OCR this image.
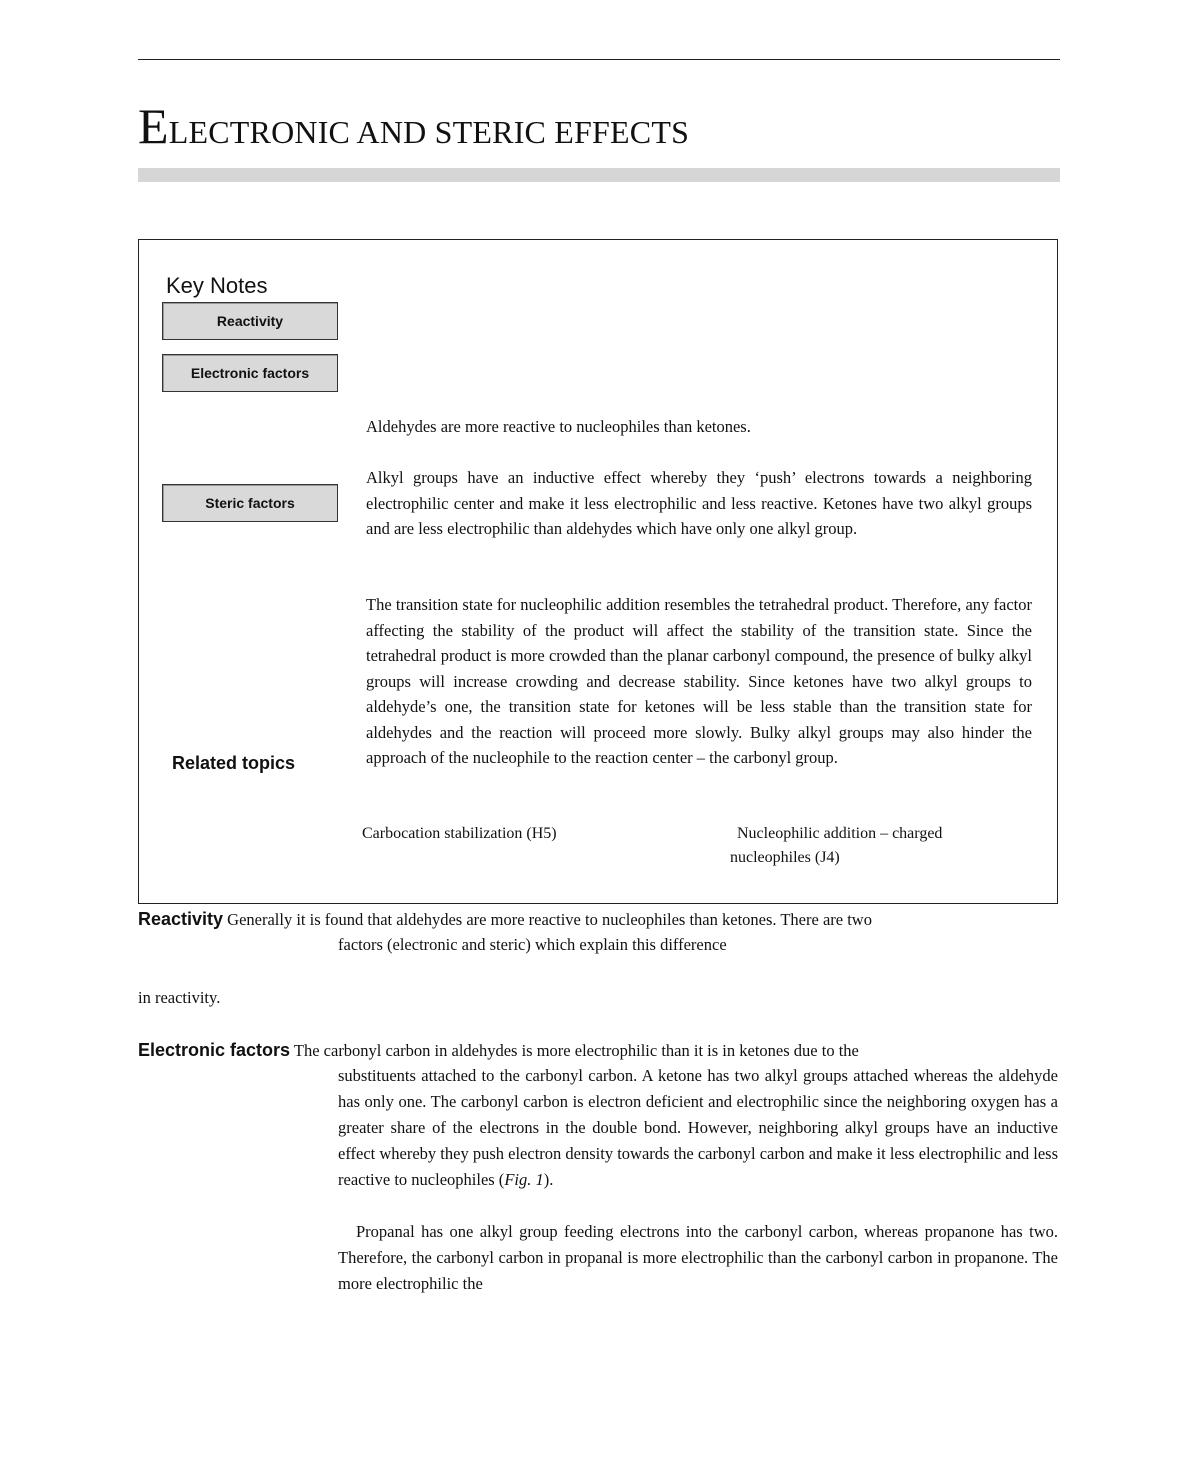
ELECTRONIC AND STERIC EFFECTS
Key Notes
Reactivity
Electronic factors
Steric factors

Aldehydes are more reactive to nucleophiles than ketones.

Alkyl groups have an inductive effect whereby they ‘push’ electrons towards a neighboring electrophilic center and make it less electrophilic and less reactive. Ketones have two alkyl groups and are less electrophilic than aldehydes which have only one alkyl group.

The transition state for nucleophilic addition resembles the tetrahedral product. Therefore, any factor affecting the stability of the product will affect the stability of the transition state. Since the tetrahedral product is more crowded than the planar carbonyl compound, the presence of bulky alkyl groups will increase crowding and decrease stability. Since ketones have two alkyl groups to aldehyde’s one, the transition state for ketones will be less stable than the transition state for aldehydes and the reaction will proceed more slowly. Bulky alkyl groups may also hinder the approach of the nucleophile to the reaction center – the carbonyl group.

Related topics

Carbocation stabilization (H5)	Nucleophilic addition – charged

nucleophiles (J4)

Reactivity Generally it is found that aldehydes are more reactive to nucleophiles than ketones. There are two
factors (electronic and steric) which explain this difference
in reactivity.
Electronic factors The carbonyl carbon in aldehydes is more electrophilic than it is in ketones due to the

substituents attached to the carbonyl carbon. A ketone has two alkyl groups attached whereas the aldehyde has only one. The carbonyl carbon is electron deficient and electrophilic since the neighboring oxygen has a greater share of the electrons in the double bond. However, neighboring alkyl groups have an inductive effect whereby they push electron density towards the carbonyl carbon and make it less electrophilic and less reactive to nucleophiles (Fig. 1).

Propanal has one alkyl group feeding electrons into the carbonyl carbon, whereas propanone has two. Therefore, the carbonyl carbon in propanal is more electrophilic than the carbonyl carbon in propanone. The more electrophilic the
